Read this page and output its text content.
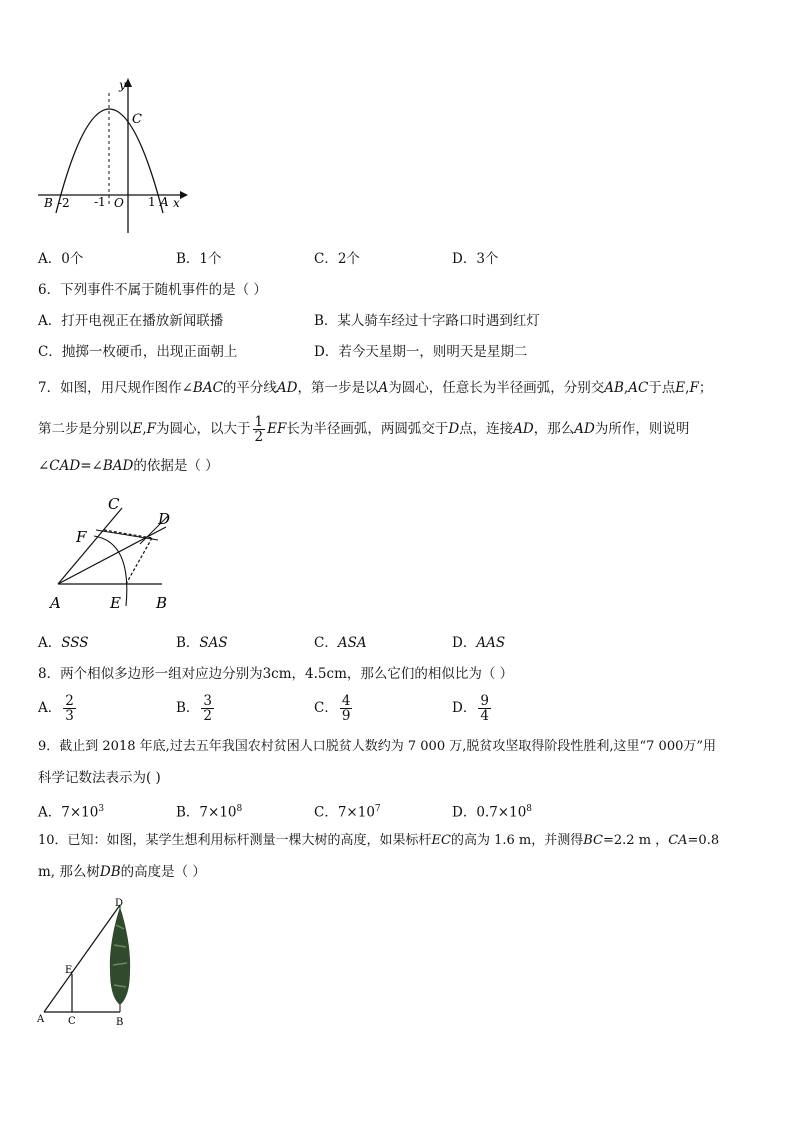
y
C
B -2 -1 O 1 A x
A．0个	B．1个	C．2个	D．3个
6．下列事件不属于随机事件的是（ ）
A．打开电视正在播放新闻联播	B．某人骑车经过十字路口时遇到红灯
C．抛掷一枚硬币，出现正面朝上	D．若今天星期一，则明天是星期二
7．如图，用尺规作图作∠BAC的平分线AD，第一步是以A为圆心，任意长为半径画弧，分别交AB,AC于点E,F；
第二步是分别以E,F为圆心，以大于 $\frac{1}{2}$ EF长为半径画弧，两圆弧交于D点，连接AD，那么AD为所作，则说明
∠CAD=∠BAD的依据是（ ）
C
D
F
A	E B
A．SSS	B．SAS	C．ASA	D．AAS
8．两个相似多边形一组对应边分别为3cm，4.5cm，那么它们的相似比为（ ）
A． $\frac{2}{3}$	B． $\frac{3}{2}$	C． $\frac{4}{9}$	D． $\frac{9}{4}$
9．截止到 2018 年底,过去五年我国农村贫困人口脱贫人数约为 7 000 万,脱贫攻坚取得阶段性胜利,这里“7 000万”用
科学记数法表示为( )
A．$7\times 10^3$	B．$7\times 10^8$	C．$7\times 10^7$	D．$0.7\times 10^8$
10．已知：如图，某学生想利用标杆测量一棵大树的高度，如果标杆EC的高为 1.6 m，并测得BC=2.2 m ，CA=0.8
m, 那么树DB的高度是（ ）
D
E
A C	B
